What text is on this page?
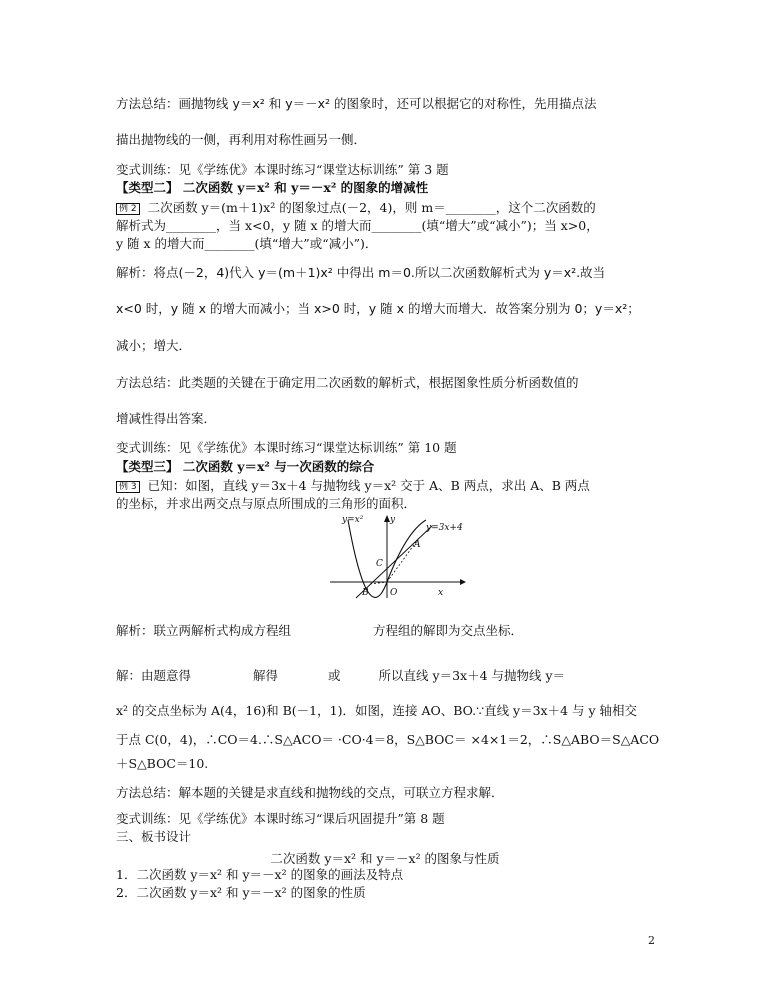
方法总结：画抛物线 y＝x² 和 y＝－x² 的图象时，还可以根据它的对称性，先用描点法
描出抛物线的一侧，再利用对称性画另一侧．
变式训练：见《学练优》本课时练习“课堂达标训练” 第 3 题
【类型二】 二次函数 y＝x² 和 y＝－x² 的图象的增减性
例 2 二次函数 y＝(m＋1)x² 的图象过点(－2，4)，则 m＝________，这个二次函数的
解析式为________，当 x<0，y 随 x 的增大而________(填“增大”或“减小”)；当 x>0，
y 随 x 的增大而________(填“增大”或“减小”)．
解析：将点(－2，4)代入 y＝(m＋1)x² 中得出 m＝0.所以二次函数解析式为 y＝x².故当
x<0 时，y 随 x 的增大而减小；当 x>0 时，y 随 x 的增大而增大．故答案分别为 0；y＝x²；
减小；增大．
方法总结：此类题的关键在于确定用二次函数的解析式，根据图象性质分析函数值的
增减性得出答案．
变式训练：见《学练优》本课时练习“课堂达标训练” 第 10 题
【类型三】 二次函数 y＝x² 与一次函数的综合
例 3 已知：如图，直线 y＝3x＋4 与抛物线 y＝x² 交于 A、B 两点，求出 A、B 两点
的坐标，并求出两交点与原点所围成的三角形的面积．
y=x²	y
y=3x+4
A
C
B O	x
解析：联立两解析式构成方程组	方程组的解即为交点坐标．
解：由题意得	解得	或	所以直线 y＝3x＋4 与抛物线 y＝
x² 的交点坐标为 A(4，16)和 B(－1，1)．如图，连接 AO、BO.∵直线 y＝3x＋4 与 y 轴相交
于点 C(0，4)，∴CO＝4.∴S△ACO＝ ·CO·4＝8，S△BOC＝ ×4×1＝2，∴S△ABO＝S△ACO
＋S△BOC＝10.
方法总结：解本题的关键是求直线和抛物线的交点，可联立方程求解．
变式训练：见《学练优》本课时练习“课后巩固提升”第 8 题
三、板书设计
二次函数 y＝x² 和 y＝－x² 的图象与性质
1．二次函数 y＝x² 和 y＝－x² 的图象的画法及特点
2．二次函数 y＝x² 和 y＝－x² 的图象的性质
2
